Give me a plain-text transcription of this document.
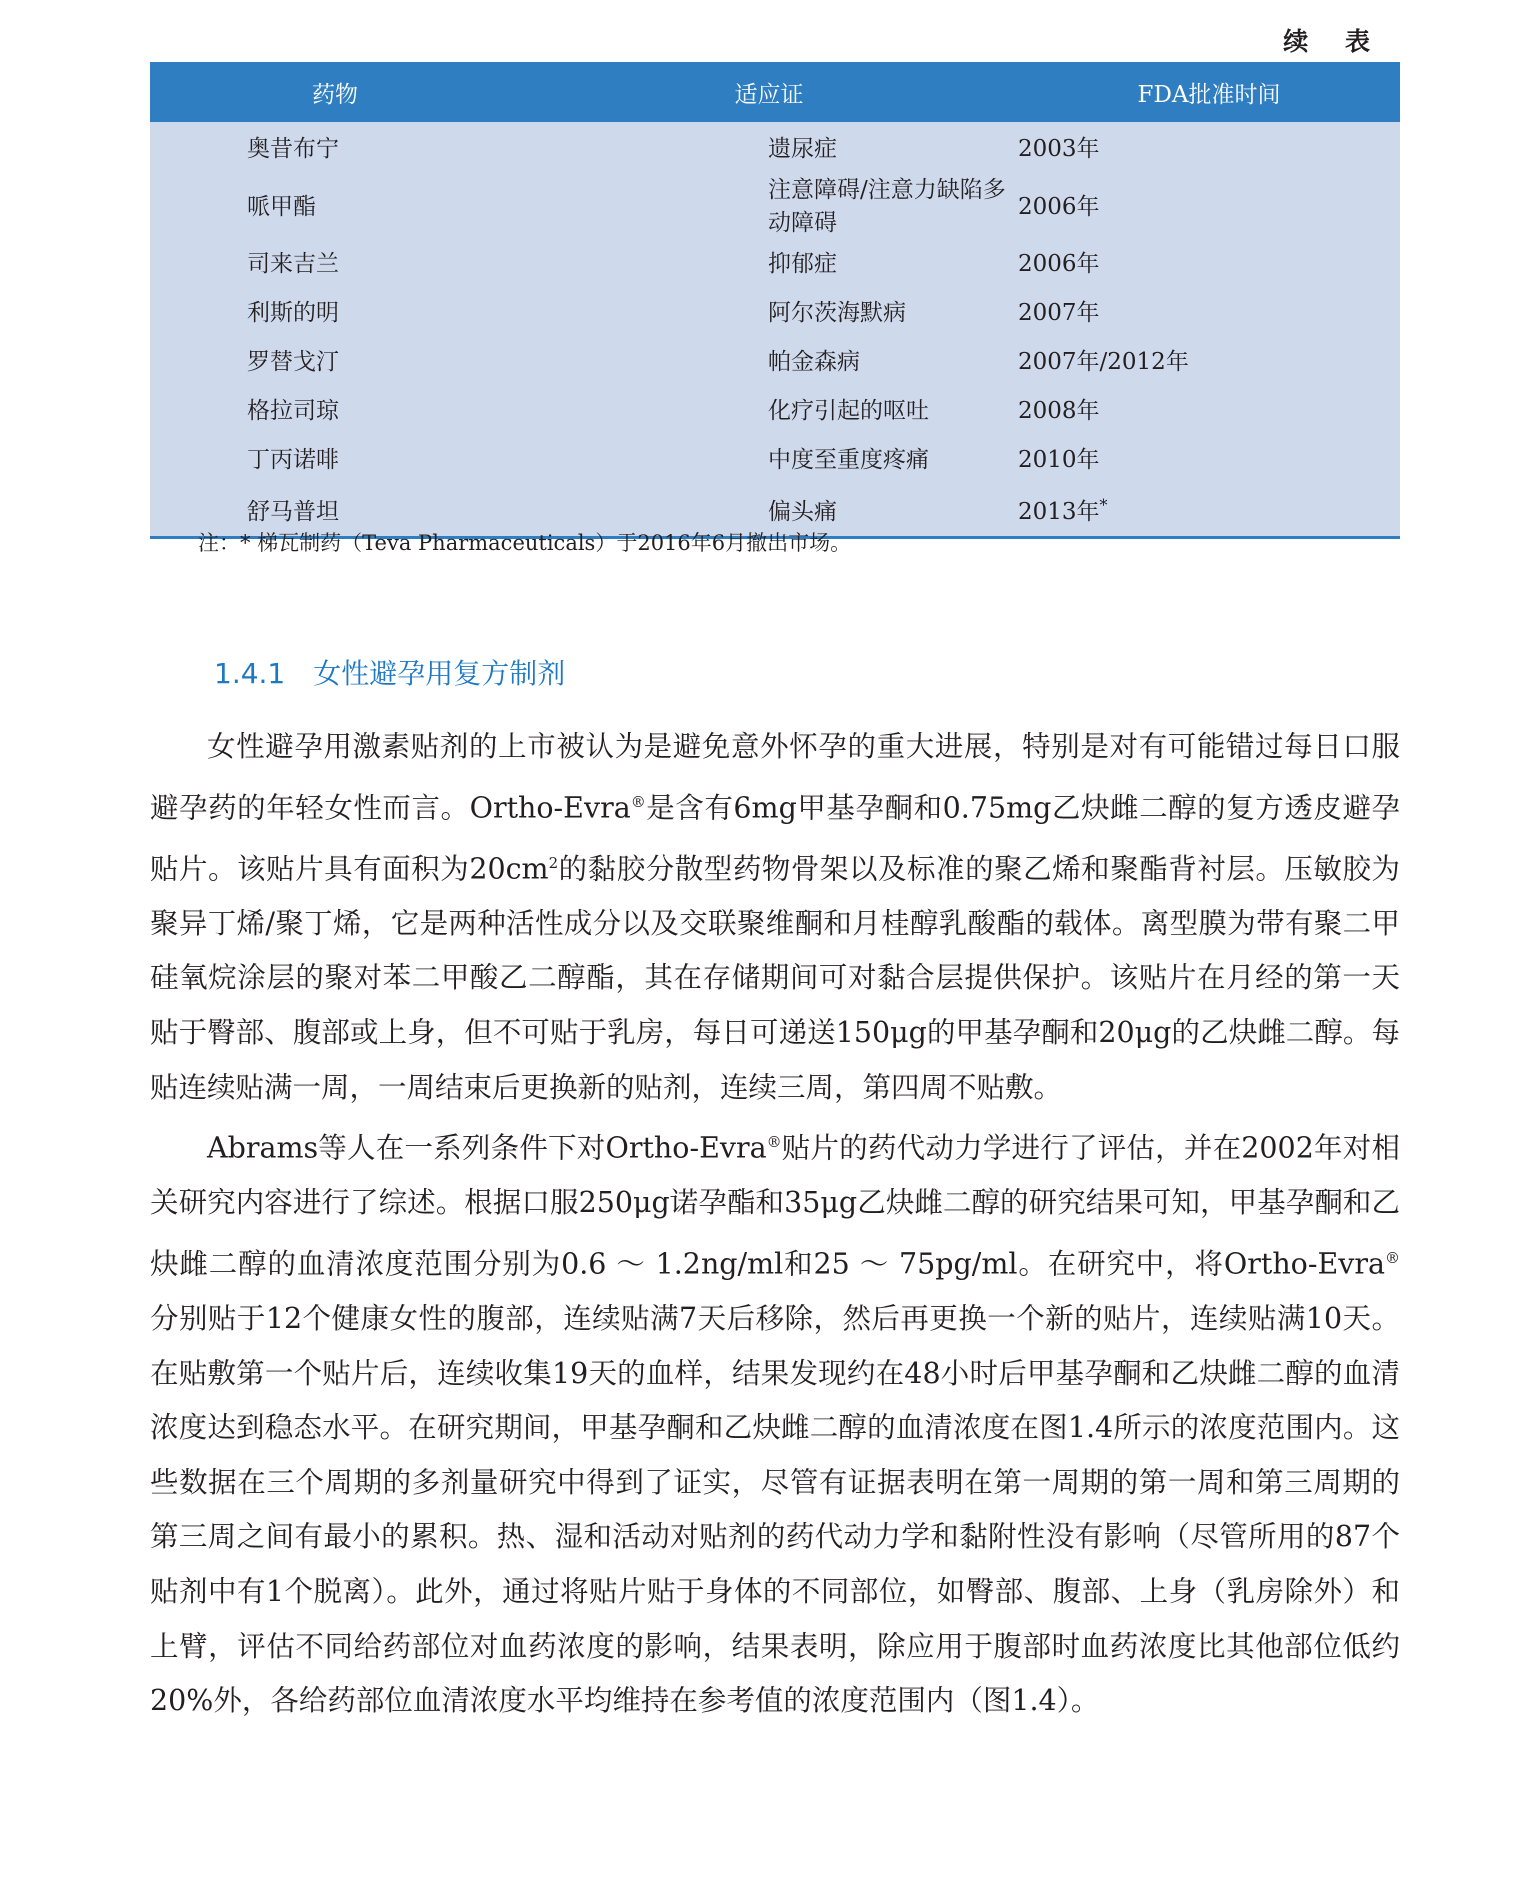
续 表
药物	适应证	FDA批准时间
奥昔布宁	遗尿症	2003年
哌甲酯	注意障碍/注意力缺陷多动障碍	2006年
司来吉兰	抑郁症	2006年
利斯的明	阿尔茨海默病	2007年
罗替戈汀	帕金森病	2007年/2012年
格拉司琼	化疗引起的呕吐	2008年
丁丙诺啡	中度至重度疼痛	2010年
舒马普坦	偏头痛	2013年*
注：* 梯瓦制药（Teva Pharmaceuticals）于2016年6月撤出市场。
1.4.1 女性避孕用复方制剂

女性避孕用激素贴剂的上市被认为是避免意外怀孕的重大进展，特别是对有可能错过每日口服避孕药的年轻女性而言。Ortho-Evra®是含有6mg甲基孕酮和0.75mg乙炔雌二醇的复方透皮避孕贴片。该贴片具有面积为$20cm^2$的黏胶分散型药物骨架以及标准的聚乙烯和聚酯背衬层。压敏胶为聚异丁烯/聚丁烯，它是两种活性成分以及交联聚维酮和月桂醇乳酸酯的载体。离型膜为带有聚二甲硅氧烷涂层的聚对苯二甲酸乙二醇酯，其在存储期间可对黏合层提供保护。该贴片在月经的第一天贴于臀部、腹部或上身，但不可贴于乳房，每日可递送150μg的甲基孕酮和20μg的乙炔雌二醇。每贴连续贴满一周，一周结束后更换新的贴剂，连续三周，第四周不贴敷。

Abrams等人在一系列条件下对Ortho-Evra®贴片的药代动力学进行了评估，并在2002年对相关研究内容进行了综述。根据口服250μg诺孕酯和35μg乙炔雌二醇的研究结果可知，甲基孕酮和乙炔雌二醇的血清浓度范围分别为0.6 ～ 1.2ng/ml和25 ～ 75pg/ml。在研究中，将Ortho-Evra®分别贴于12个健康女性的腹部，连续贴满7天后移除，然后再更换一个新的贴片，连续贴满10天。在贴敷第一个贴片后，连续收集19天的血样，结果发现约在48小时后甲基孕酮和乙炔雌二醇的血清浓度达到稳态水平。在研究期间，甲基孕酮和乙炔雌二醇的血清浓度在图1.4所示的浓度范围内。这些数据在三个周期的多剂量研究中得到了证实，尽管有证据表明在第一周期的第一周和第三周期的第三周之间有最小的累积。热、湿和活动对贴剂的药代动力学和黏附性没有影响（尽管所用的87个贴剂中有1个脱离）。此外，通过将贴片贴于身体的不同部位，如臀部、腹部、上身（乳房除外）和上臂，评估不同给药部位对血药浓度的影响，结果表明，除应用于腹部时血药浓度比其他部位低约20%外，各给药部位血清浓度水平均维持在参考值的浓度范围内（图1.4）。
